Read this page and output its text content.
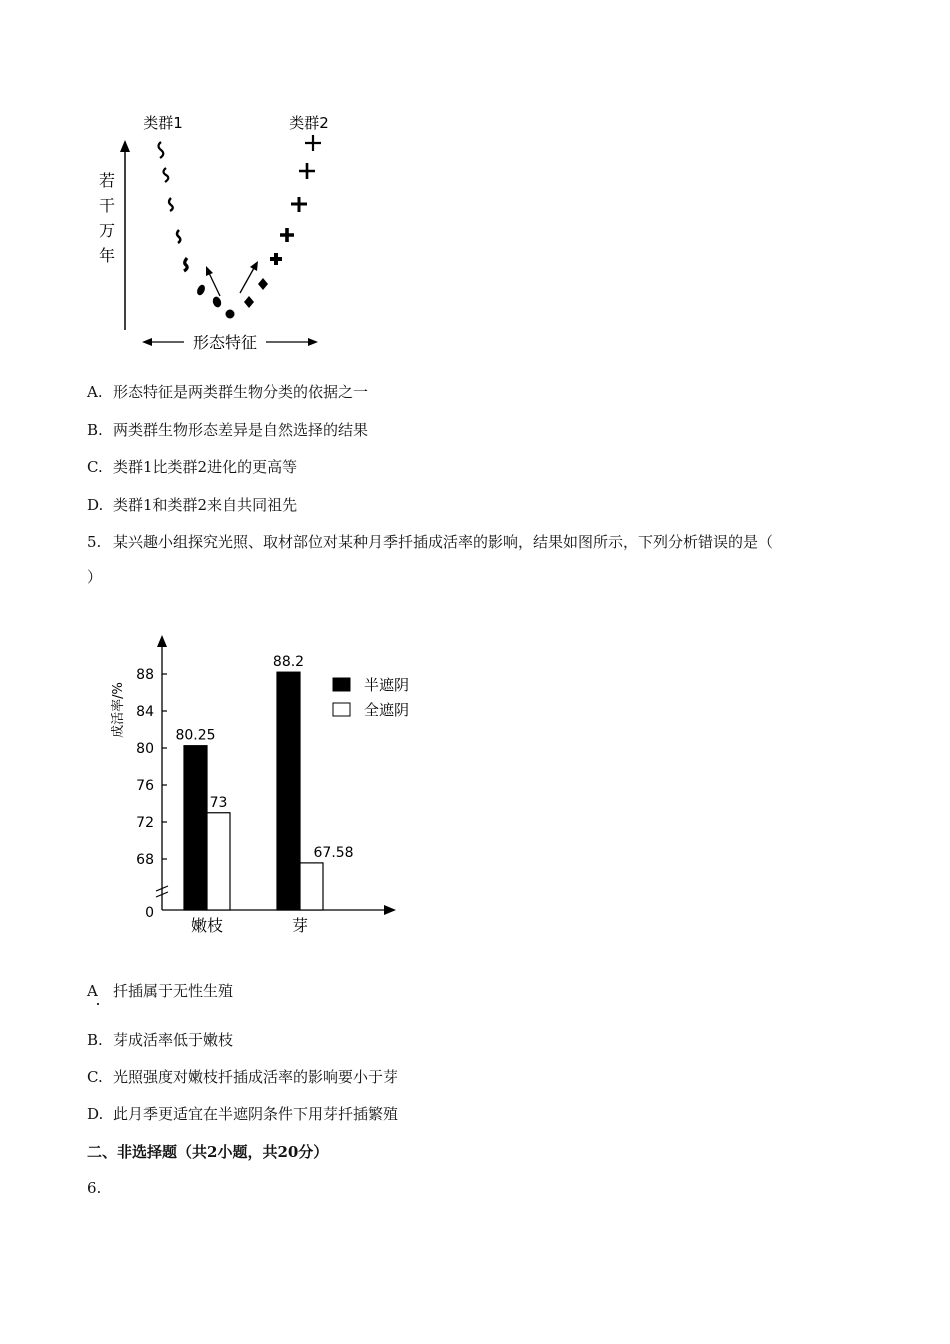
类群1	类群2
若
干
万
年
形态特征
A. 形态特征是两类群生物分类的依据之一
B. 两类群生物形态差异是自然选择的结果
C. 类群1比类群2进化的更高等
D. 类群1和类群2来自共同祖先
5. 某兴趣小组探究光照、取材部位对某种月季扦插成活率的影响，结果如图所示，下列分析错误的是（
）
成活率/%
0
68
72
76
80
84
88
80.25
73
88.2
67.58
嫩枝	芽
半遮阴
全遮阴
A 扦插属于无性生殖
B. 芽成活率低于嫩枝
C. 光照强度对嫩枝扦插成活率的影响要小于芽
D. 此月季更适宜在半遮阴条件下用芽扦插繁殖
二、非选择题（共2小题，共20分）
6.
